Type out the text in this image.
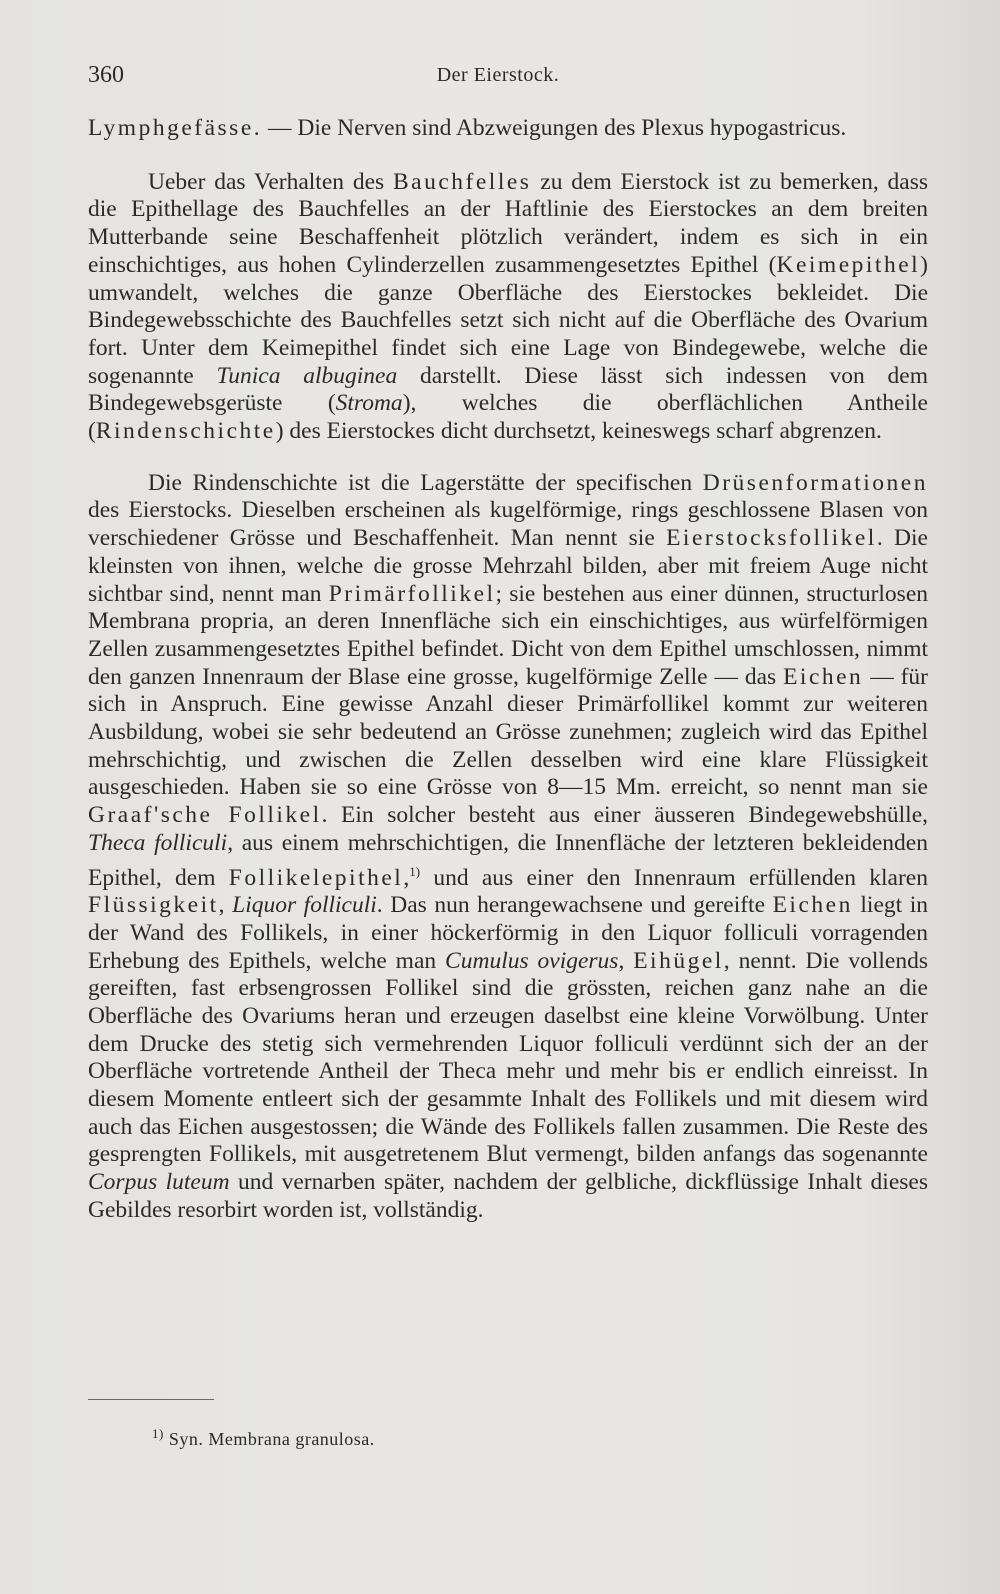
360	Der Eierstock.

Lymphgefässe. — Die Nerven sind Abzweigungen des Plexus hypogastricus.

Ueber das Verhalten des Bauchfelles zu dem Eierstock ist zu bemerken, dass die Epithellage des Bauchfelles an der Haftlinie des Eierstockes an dem breiten Mutterbande seine Beschaffenheit plötzlich verändert, indem es sich in ein einschichtiges, aus hohen Cylinderzellen zusammengesetztes Epithel (Keimepithel) umwandelt, welches die ganze Oberfläche des Eierstockes bekleidet. Die Bindegewebsschichte des Bauchfelles setzt sich nicht auf die Oberfläche des Ovarium fort. Unter dem Keimepithel findet sich eine Lage von Bindegewebe, welche die sogenannte Tunica albuginea darstellt. Diese lässt sich indessen von dem Bindegewebsgerüste (Stroma), welches die oberflächlichen Antheile (Rindenschichte) des Eierstockes dicht durchsetzt, keineswegs scharf abgrenzen.

Die Rindenschichte ist die Lagerstätte der specifischen Drüsenformationen des Eierstocks. Dieselben erscheinen als kugelförmige, rings geschlossene Blasen von verschiedener Grösse und Beschaffenheit. Man nennt sie Eierstocksfollikel. Die kleinsten von ihnen, welche die grosse Mehrzahl bilden, aber mit freiem Auge nicht sichtbar sind, nennt man Primärfollikel; sie bestehen aus einer dünnen, structurlosen Membrana propria, an deren Innenfläche sich ein einschichtiges, aus würfelförmigen Zellen zusammengesetztes Epithel befindet. Dicht von dem Epithel umschlossen, nimmt den ganzen Innenraum der Blase eine grosse, kugelförmige Zelle — das Eichen — für sich in Anspruch. Eine gewisse Anzahl dieser Primärfollikel kommt zur weiteren Ausbildung, wobei sie sehr bedeutend an Grösse zunehmen; zugleich wird das Epithel mehrschichtig, und zwischen die Zellen desselben wird eine klare Flüssigkeit ausgeschieden. Haben sie so eine Grösse von 8—15 Mm. erreicht, so nennt man sie Graaf'sche Follikel. Ein solcher besteht aus einer äusseren Bindegewebshülle, Theca folliculi, aus einem mehrschichtigen, die Innenfläche der letzteren bekleidenden Epithel, dem Follikelepithel,$^{1)}$ und aus einer den Innenraum erfüllenden klaren Flüssigkeit, Liquor folliculi. Das nun herangewachsene und gereifte Eichen liegt in der Wand des Follikels, in einer höckerförmig in den Liquor folliculi vorragenden Erhebung des Epithels, welche man Cumulus ovigerus, Eihügel, nennt. Die vollends gereiften, fast erbsengrossen Follikel sind die grössten, reichen ganz nahe an die Oberfläche des Ovariums heran und erzeugen daselbst eine kleine Vorwölbung. Unter dem Drucke des stetig sich vermehrenden Liquor folliculi verdünnt sich der an der Oberfläche vortretende Antheil der Theca mehr und mehr bis er endlich einreisst. In diesem Momente entleert sich der gesammte Inhalt des Follikels und mit diesem wird auch das Eichen ausgestossen; die Wände des Follikels fallen zusammen. Die Reste des gesprengten Follikels, mit ausgetretenem Blut vermengt, bilden anfangs das sogenannte Corpus luteum und vernarben später, nachdem der gelbliche, dickflüssige Inhalt dieses Gebildes resorbirt worden ist, vollständig.

$^{1)}$ Syn. Membrana granulosa.
